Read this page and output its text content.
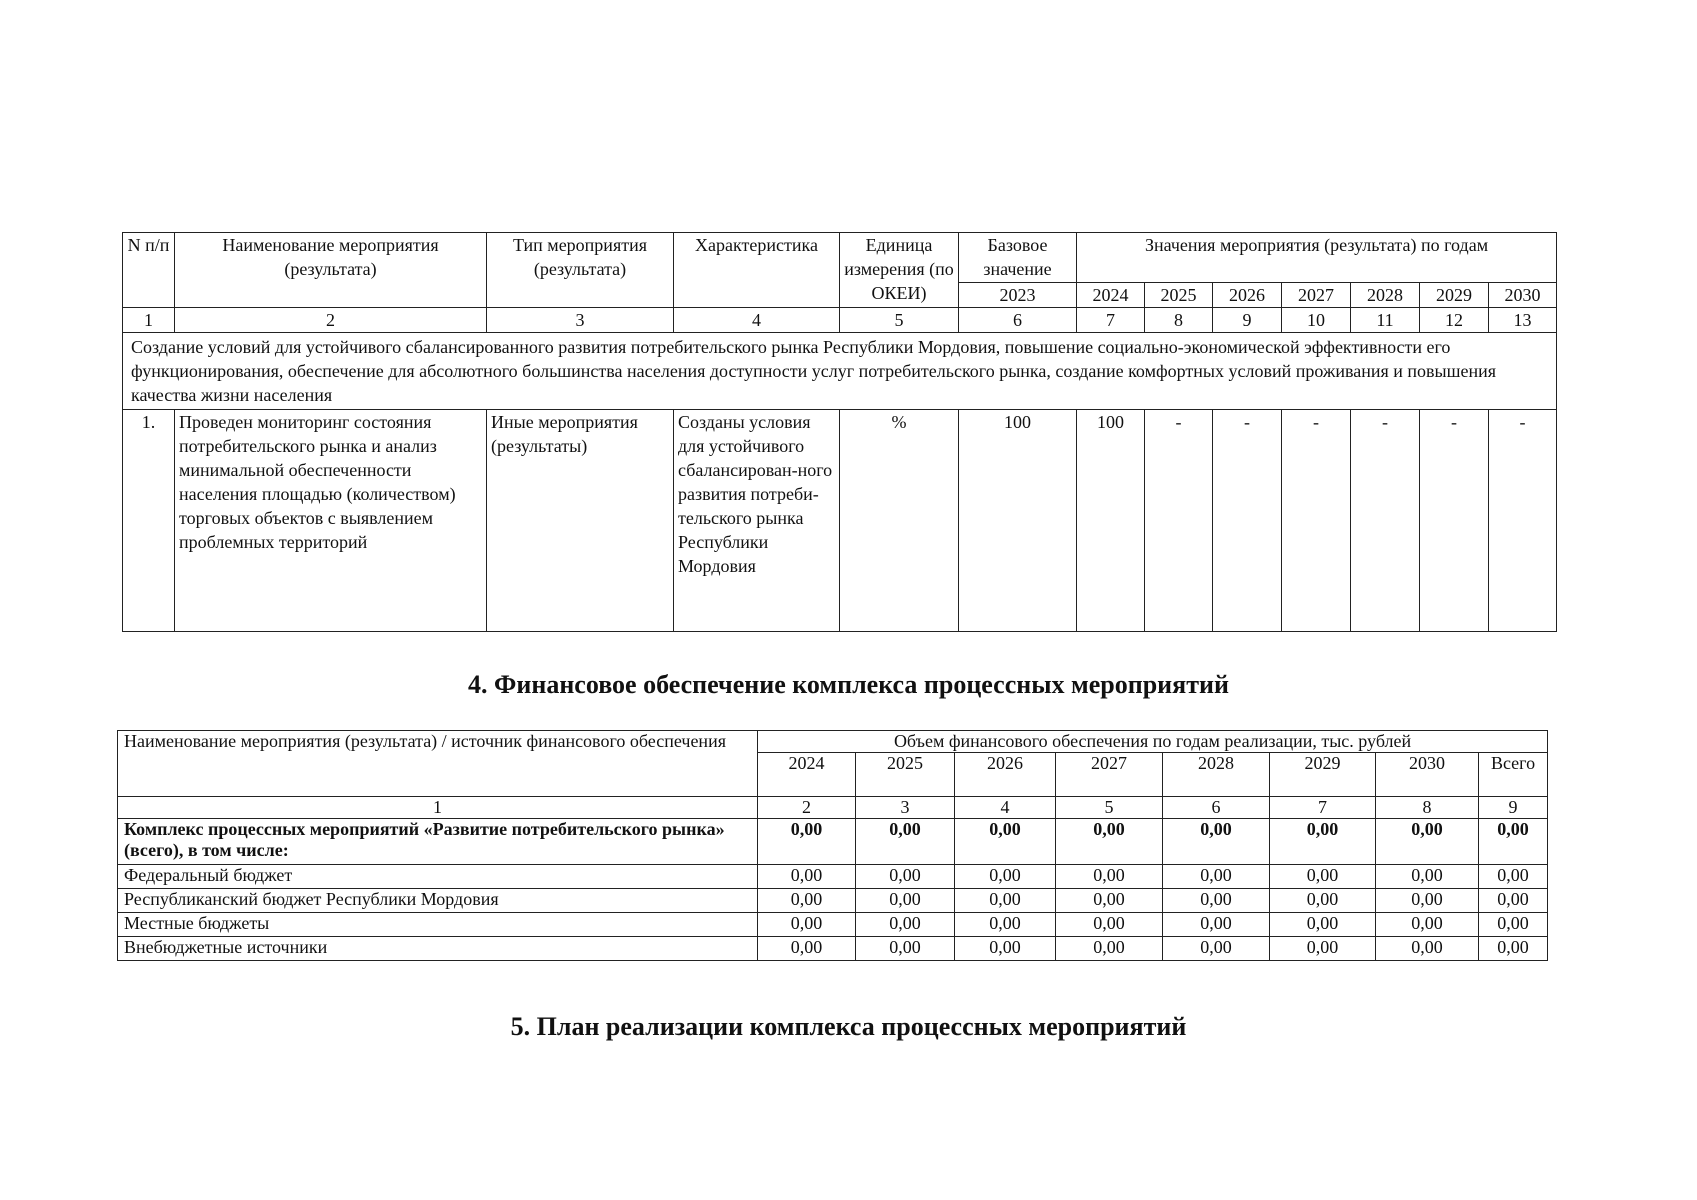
N п/п	Наименование мероприятия (результата)	Тип мероприятия (результата)	Характеристика	Единица измерения (по ОКЕИ)	Базовое значение	Значения мероприятия (результата) по годам						
					2023	2024	2025	2026	2027	2028	2029	2030
1	2	3	4	5	6	7	8	9	10	11	12	13
Создание условий для устойчивого сбалансированного развития потребительского рынка Республики Мордовия, повышение социально-экономической эффективности его функционирования, обеспечение для абсолютного большинства населения доступности услуг потребительского рынка, создание комфортных условий проживания и повышения качества жизни населения												
1.	Проведен мониторинг состояния потребительского рынка и анализ минимальной обеспеченности населения площадью (количеством) торговых объектов с выявлением проблемных территорий	Иные мероприятия (результаты)	Созданы условия для устойчивого сбалансирован-ного развития потреби-тельского рынка Республики Мордовия	%	100	100	-	-	-	-	-	-
4. Финансовое обеспечение комплекса процессных мероприятий
Наименование мероприятия (результата) / источник финансового обеспечения	Объем финансового обеспечения по годам реализации, тыс. рублей							
	2024	2025	2026	2027	2028	2029	2030	Всего
1	2	3	4	5	6	7	8	9
Комплекс процессных мероприятий «Развитие потребительского рынка» (всего), в том числе:	0,00	0,00	0,00	0,00	0,00	0,00	0,00	0,00
Федеральный бюджет	0,00	0,00	0,00	0,00	0,00	0,00	0,00	0,00
Республиканский бюджет Республики Мордовия	0,00	0,00	0,00	0,00	0,00	0,00	0,00	0,00
Местные бюджеты	0,00	0,00	0,00	0,00	0,00	0,00	0,00	0,00
Внебюджетные источники	0,00	0,00	0,00	0,00	0,00	0,00	0,00	0,00
5. План реализации комплекса процессных мероприятий
